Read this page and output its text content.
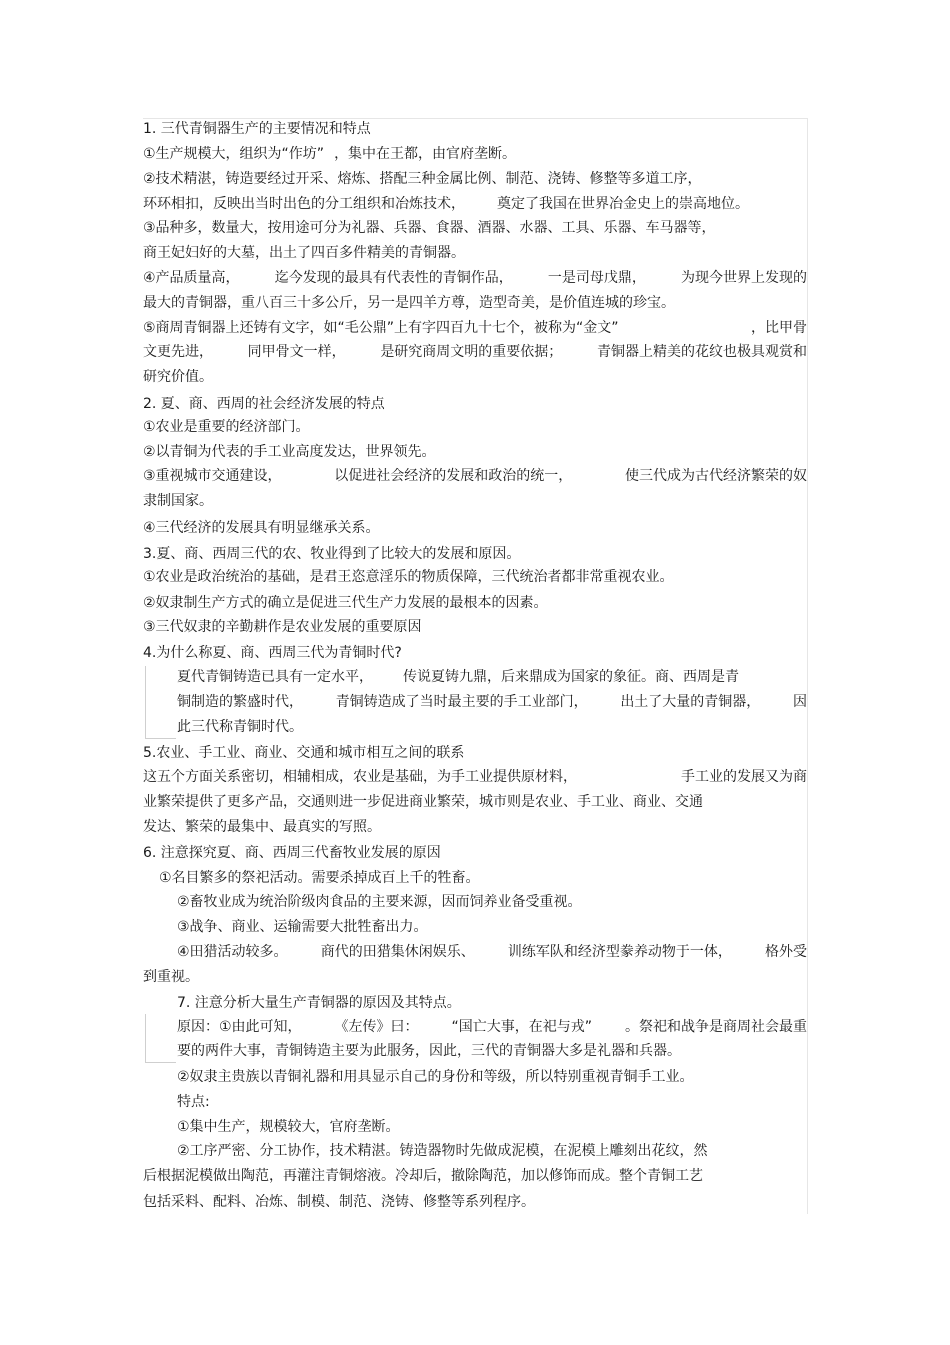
1. 三代青铜器生产的主要情况和特点
①生产规模大，组织为“作坊” ，集中在王都，由官府垄断。
②技术精湛，铸造要经过开采、熔炼、搭配三种金属比例、制范、浇铸、修整等多道工序，
环环相扣，反映出当时出色的分工组织和冶炼技术， 奠定了我国在世界冶金史上的崇高地位。
③品种多，数量大，按用途可分为礼器、兵器、食器、酒器、水器、工具、乐器、车马器等，
商王妃妇好的大墓，出土了四百多件精美的青铜器。
④产品质量高，	迄今发现的最具有代表性的青铜作品，	一是司母戊鼎，	为现今世界上发现的
最大的青铜器，重八百三十多公斤，另一是四羊方尊，造型奇美，是价值连城的珍宝。
⑤商周青铜器上还铸有文字，如“毛公鼎”上有字四百九十七个，被称为“金文”	，比甲骨
文更先进， 同甲骨文一样， 是研究商周文明的重要依据； 青铜器上精美的花纹也极具观赏和
研究价值。
2. 夏、商、西周的社会经济发展的特点
①农业是重要的经济部门。
②以青铜为代表的手工业高度发达，世界领先。
③重视城市交通建设，	以促进社会经济的发展和政治的统一，	使三代成为古代经济繁荣的奴
隶制国家。
④三代经济的发展具有明显继承关系。
3.夏、商、西周三代的农、牧业得到了比较大的发展和原因。
①农业是政治统治的基础，是君王恣意淫乐的物质保障，三代统治者都非常重视农业。
②奴隶制生产方式的确立是促进三代生产力发展的最根本的因素。
③三代奴隶的辛勤耕作是农业发展的重要原因
4.为什么称夏、商、西周三代为青铜时代?
夏代青铜铸造已具有一定水平， 传说夏铸九鼎，后来鼎成为国家的象征。商、西周是青
铜制造的繁盛时代， 青铜铸造成了当时最主要的手工业部门， 出土了大量的青铜器， 因
此三代称青铜时代。
5.农业、手工业、商业、交通和城市相互之间的联系
这五个方面关系密切，相辅相成，农业是基础，为手工业提供原材料，	手工业的发展又为商
业繁荣提供了更多产品，交通则进一步促进商业繁荣，城市则是农业、手工业、商业、交通
发达、繁荣的最集中、最真实的写照。
6. 注意探究夏、商、西周三代畜牧业发展的原因
①名目繁多的祭祀活动。需要杀掉成百上千的牲畜。
②畜牧业成为统治阶级肉食品的主要来源，因而饲养业备受重视。
③战争、商业、运输需要大批牲畜出力。
④田猎活动较多。 商代的田猎集休闲娱乐、 训练军队和经济型豢养动物于一体， 格外受
到重视。
7. 注意分析大量生产青铜器的原因及其特点。
原因：①由此可知， 《左传》曰： “国亡大事，在祀与戎” 。祭祀和战争是商周社会最重
要的两件大事，青铜铸造主要为此服务，因此，三代的青铜器大多是礼器和兵器。
②奴隶主贵族以青铜礼器和用具显示自己的身份和等级，所以特别重视青铜手工业。
特点:
①集中生产，规模较大，官府垄断。
②工序严密、分工协作，技术精湛。铸造器物时先做成泥模，在泥模上雕刻出花纹，然
后根据泥模做出陶范，再灌注青铜熔液。冷却后，撤除陶范，加以修饰而成。整个青铜工艺
包括采料、配料、冶炼、制模、制范、浇铸、修整等系列程序。
